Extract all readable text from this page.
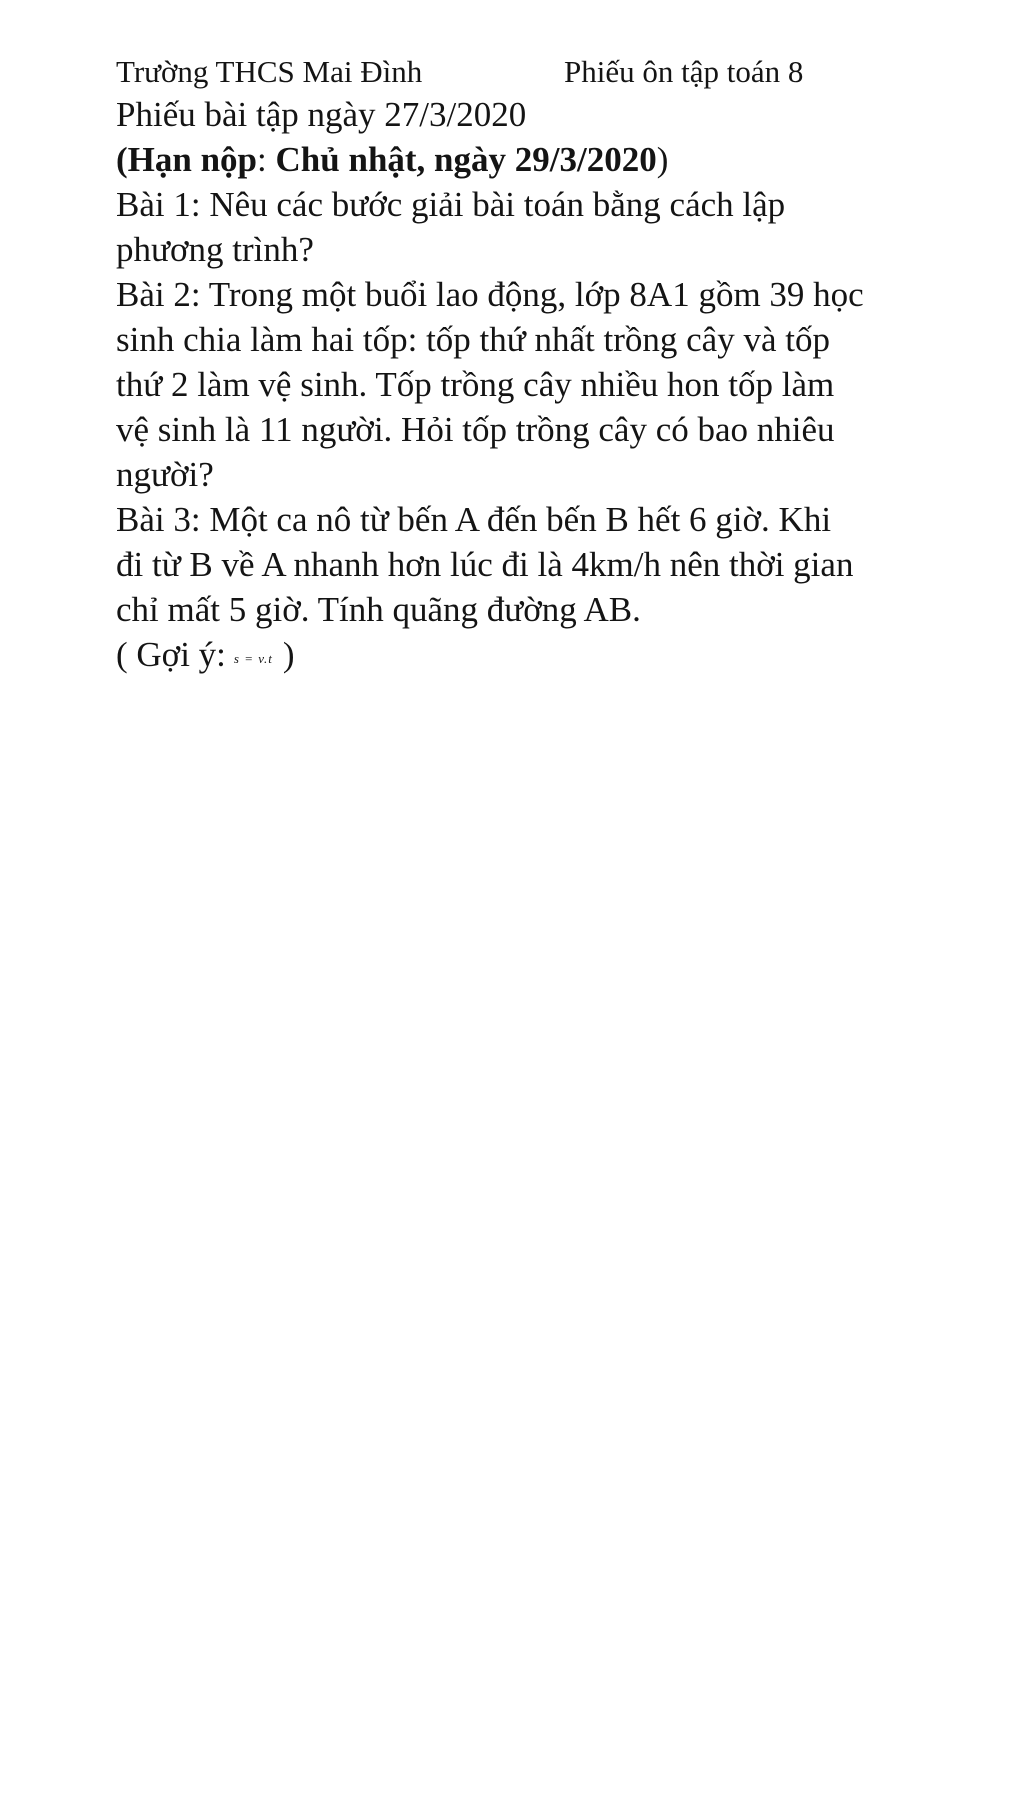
Trường THCS Mai Đình	Phiếu ôn tập toán 8
Phiếu bài tập ngày 27/3/2020
(Hạn nộp: Chủ nhật, ngày 29/3/2020)
Bài 1: Nêu các bước giải bài toán bằng cách lập
phương trình?
Bài 2: Trong một buổi lao động, lớp 8A1 gồm 39 học
sinh chia làm hai tốp: tốp thứ nhất trồng cây và tốp
thứ 2 làm vệ sinh. Tốp trồng cây nhiều hon tốp làm
vệ sinh là 11 người. Hỏi tốp trồng cây có bao nhiêu
người?
Bài 3: Một ca nô từ bến A đến bến B hết 6 giờ. Khi
đi từ B về A nhanh hơn lúc đi là 4km/h nên thời gian
chỉ mất 5 giờ. Tính quãng đường AB.
( Gợi ý: s = v.t )
